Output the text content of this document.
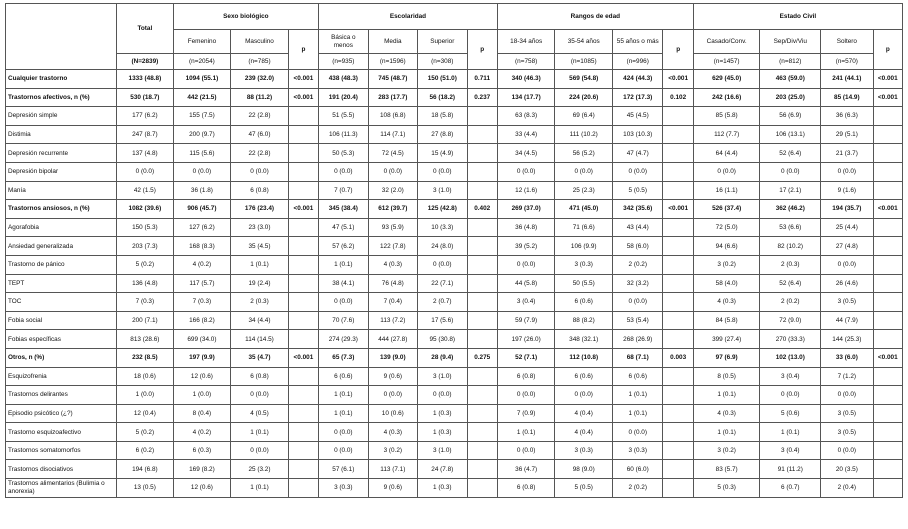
	Total	Sexo biológico			Escolaridad				Rangos de edad				Estado Civil			
		Femenino	Masculino	p	Básica o menos	Media	Superior	p	18-34 años	35-54 años	55 años o más	p	Casado/Conv.	Sep/Div/Viu	Soltero	p
	(N=2839)	(n=2054)	(n=785)		(n=935)	(n=1596)	(n=308)		(n=758)	(n=1085)	(n=996)		(n=1457)	(n=812)	(n=570)	
Cualquier trastorno	1333 (48.8)	1094 (55.1)	239 (32.0)	<0.001	438 (48.3)	745 (48.7)	150 (51.0)	0.711	340 (46.3)	569 (54.8)	424 (44.3)	<0.001	629 (45.0)	463 (59.0)	241 (44.1)	<0.001
Trastornos afectivos, n (%)	530 (18.7)	442 (21.5)	88 (11.2)	<0.001	191 (20.4)	283 (17.7)	56 (18.2)	0.237	134 (17.7)	224 (20.6)	172 (17.3)	0.102	242 (16.6)	203 (25.0)	85 (14.9)	<0.001
Depresión simple	177 (6.2)	155 (7.5)	22 (2.8)		51 (5.5)	108 (6.8)	18 (5.8)		63 (8.3)	69 (6.4)	45 (4.5)		85 (5.8)	56 (6.9)	36 (6.3)	
Distimia	247 (8.7)	200 (9.7)	47 (6.0)		106 (11.3)	114 (7.1)	27 (8.8)		33 (4.4)	111 (10.2)	103 (10.3)		112 (7.7)	106 (13.1)	29 (5.1)	
Depresión recurrente	137 (4.8)	115 (5.6)	22 (2.8)		50 (5.3)	72 (4.5)	15 (4.9)		34 (4.5)	56 (5.2)	47 (4.7)		64 (4.4)	52 (6.4)	21 (3.7)	
Depresión bipolar	0 (0.0)	0 (0.0)	0 (0.0)		0 (0.0)	0 (0.0)	0 (0.0)		0 (0.0)	0 (0.0)	0 (0.0)		0 (0.0)	0 (0.0)	0 (0.0)	
Manía	42 (1.5)	36 (1.8)	6 (0.8)		7 (0.7)	32 (2.0)	3 (1.0)		12 (1.6)	25 (2.3)	5 (0.5)		16 (1.1)	17 (2.1)	9 (1.6)	
Trastornos ansiosos, n (%)	1082 (39.6)	906 (45.7)	176 (23.4)	<0.001	345 (38.4)	612 (39.7)	125 (42.8)	0.402	269 (37.0)	471 (45.0)	342 (35.6)	<0.001	526 (37.4)	362 (46.2)	194 (35.7)	<0.001
Agorafobia	150 (5.3)	127 (6.2)	23 (3.0)		47 (5.1)	93 (5.9)	10 (3.3)		36 (4.8)	71 (6.6)	43 (4.4)		72 (5.0)	53 (6.6)	25 (4.4)	
Ansiedad generalizada	203 (7.3)	168 (8.3)	35 (4.5)		57 (6.2)	122 (7.8)	24 (8.0)		39 (5.2)	106 (9.9)	58 (6.0)		94 (6.6)	82 (10.2)	27 (4.8)	
Trastorno de pánico	5 (0.2)	4 (0.2)	1 (0.1)		1 (0.1)	4 (0.3)	0 (0.0)		0 (0.0)	3 (0.3)	2 (0.2)		3 (0.2)	2 (0.3)	0 (0.0)	
TEPT	136 (4.8)	117 (5.7)	19 (2.4)		38 (4.1)	76 (4.8)	22 (7.1)		44 (5.8)	50 (5.5)	32 (3.2)		58 (4.0)	52 (6.4)	26 (4.6)	
TOC	7 (0.3)	7 (0.3)	2 (0.3)		0 (0.0)	7 (0.4)	2 (0.7)		3 (0.4)	6 (0.6)	0 (0.0)		4 (0.3)	2 (0.2)	3 (0.5)	
Fobia social	200 (7.1)	166 (8.2)	34 (4.4)		70 (7.6)	113 (7.2)	17 (5.6)		59 (7.9)	88 (8.2)	53 (5.4)		84 (5.8)	72 (9.0)	44 (7.9)	
Fobias específicas	813 (28.6)	699 (34.0)	114 (14.5)		274 (29.3)	444 (27.8)	95 (30.8)		197 (26.0)	348 (32.1)	268 (26.9)		399 (27.4)	270 (33.3)	144 (25.3)	
Otros, n (%)	232 (8.5)	197 (9.9)	35 (4.7)	<0.001	65 (7.3)	139 (9.0)	28 (9.4)	0.275	52 (7.1)	112 (10.8)	68 (7.1)	0.003	97 (6.9)	102 (13.0)	33 (6.0)	<0.001
Esquizofrenia	18 (0.6)	12 (0.6)	6 (0.8)		6 (0.6)	9 (0.6)	3 (1.0)		6 (0.8)	6 (0.6)	6 (0.6)		8 (0.5)	3 (0.4)	7 (1.2)	
Trastornos delirantes	1 (0.0)	1 (0.0)	0 (0.0)		1 (0.1)	0 (0.0)	0 (0.0)		0 (0.0)	0 (0.0)	1 (0.1)		1 (0.1)	0 (0.0)	0 (0.0)	
Episodio psicótico (¿?)	12 (0.4)	8 (0.4)	4 (0.5)		1 (0.1)	10 (0.6)	1 (0.3)		7 (0.9)	4 (0.4)	1 (0.1)		4 (0.3)	5 (0.6)	3 (0.5)	
Trastorno esquizoafectivo	5 (0.2)	4 (0.2)	1 (0.1)		0 (0.0)	4 (0.3)	1 (0.3)		1 (0.1)	4 (0.4)	0 (0.0)		1 (0.1)	1 (0.1)	3 (0.5)	
Trastornos somatomorfos	6 (0.2)	6 (0.3)	0 (0.0)		0 (0.0)	3 (0.2)	3 (1.0)		0 (0.0)	3 (0.3)	3 (0.3)		3 (0.2)	3 (0.4)	0 (0.0)	
Trastornos disociativos	194 (6.8)	169 (8.2)	25 (3.2)		57 (6.1)	113 (7.1)	24 (7.8)		36 (4.7)	98 (9.0)	60 (6.0)		83 (5.7)	91 (11.2)	20 (3.5)	
Trastornos alimentarios (Bulimia o anorexia)	13 (0.5)	12 (0.6)	1 (0.1)		3 (0.3)	9 (0.6)	1 (0.3)		6 (0.8)	5 (0.5)	2 (0.2)		5 (0.3)	6 (0.7)	2 (0.4)	
